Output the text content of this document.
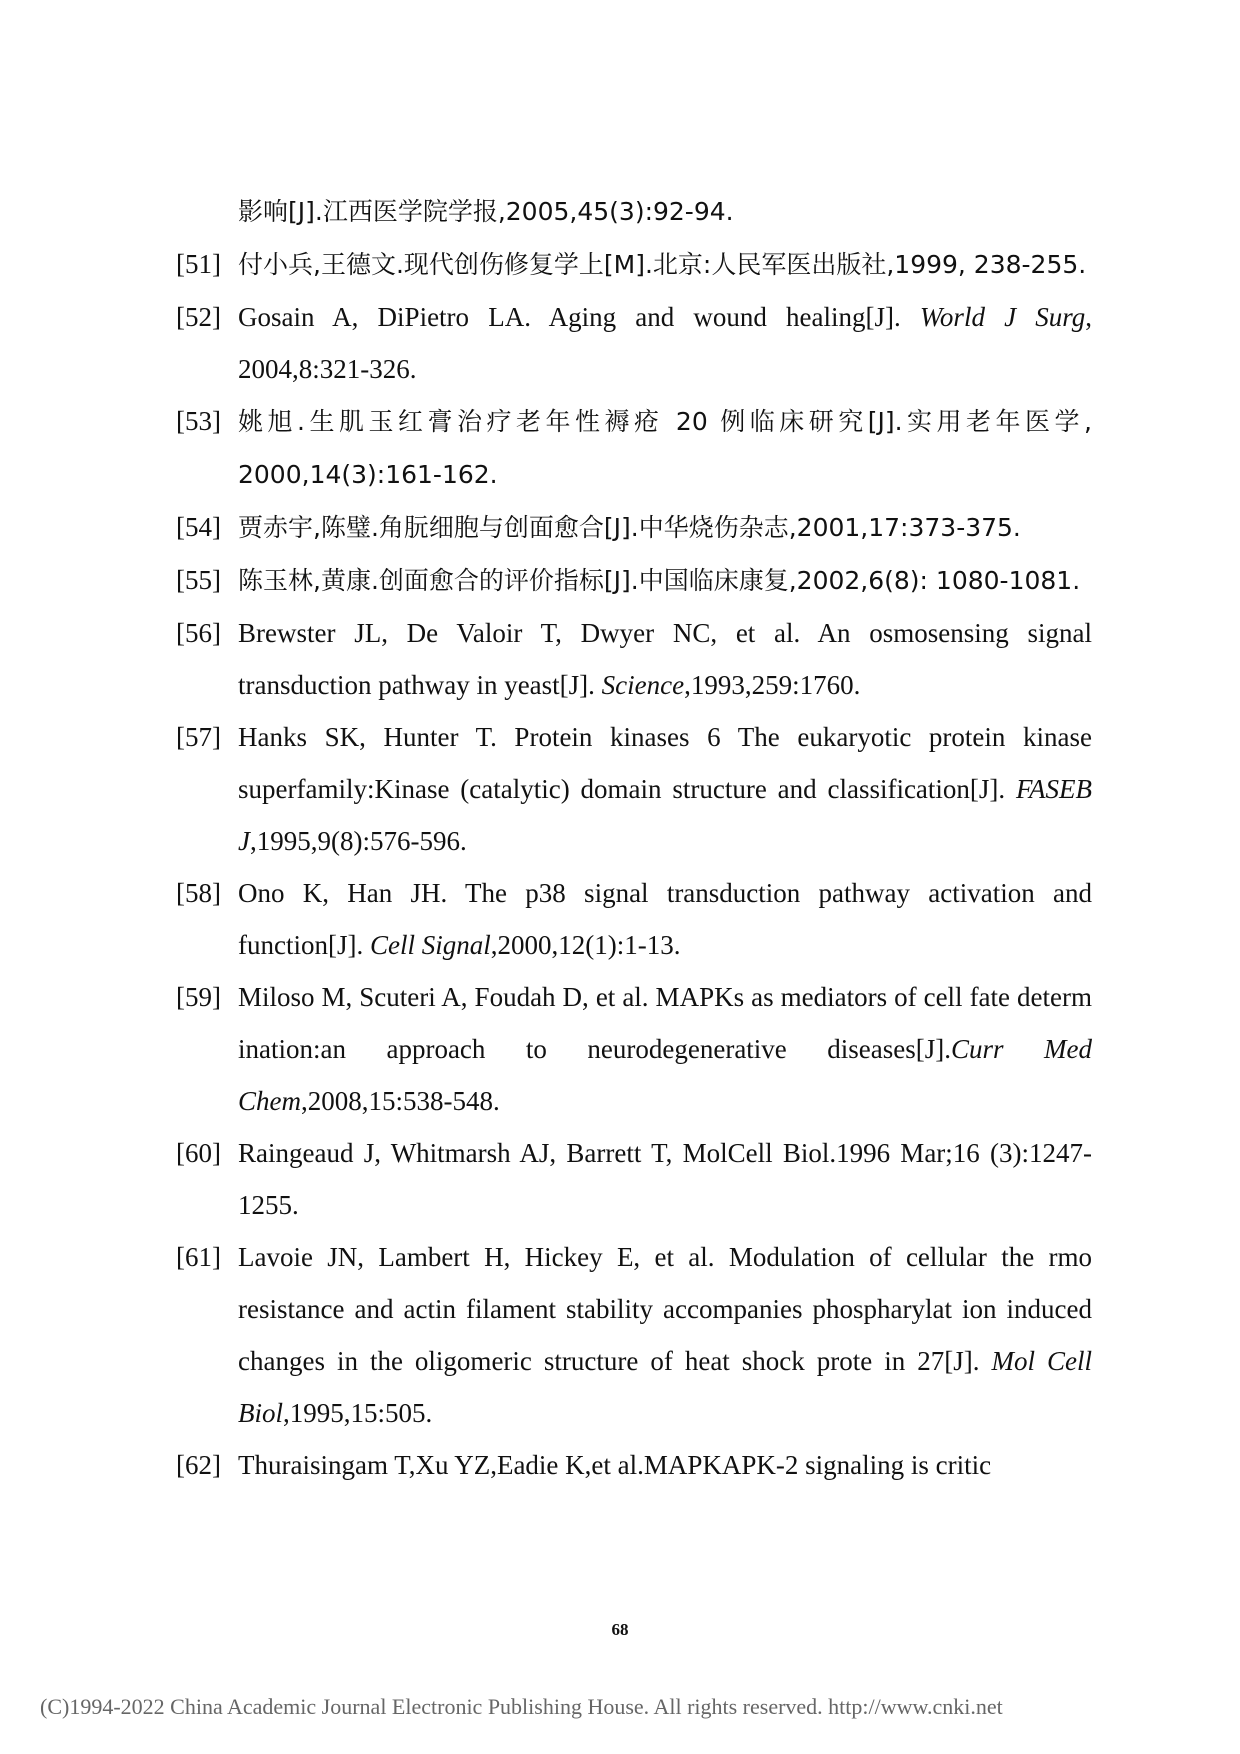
影响[J].江西医学院学报,2005,45(3):92-94.
[51] 付小兵,王德文.现代创伤修复学上[M].北京:人民军医出版社,1999, 238-255.
[52] Gosain A, DiPietro LA. Aging and wound healing[J]. World J Surg, 2004,8:321-326.
[53] 姚旭.生肌玉红膏治疗老年性褥疮 20 例临床研究[J].实用老年医学, 2000,14(3):161-162.
[54] 贾赤宇,陈璧.角朊细胞与创面愈合[J].中华烧伤杂志,2001,17:373-375.
[55] 陈玉林,黄康.创面愈合的评价指标[J].中国临床康复,2002,6(8): 1080-1081.
[56] Brewster JL, De Valoir T, Dwyer NC, et al. An osmosensing signal transduction pathway in yeast[J]. Science,1993,259:1760.
[57] Hanks SK, Hunter T. Protein kinases 6 The eukaryotic protein kinase superfamily:Kinase (catalytic) domain structure and classification[J]. FASEB J,1995,9(8):576-596.
[58] Ono K, Han JH. The p38 signal transduction pathway activation and function[J]. Cell Signal,2000,12(1):1-13.
[59] Miloso M, Scuteri A, Foudah D, et al. MAPKs as mediators of cell fate determ ination:an approach to neurodegenerative diseases[J].Curr Med Chem,2008,15:538-548.
[60] Raingeaud J, Whitmarsh AJ, Barrett T, MolCell Biol.1996 Mar;16 (3):1247-1255.
[61] Lavoie JN, Lambert H, Hickey E, et al. Modulation of cellular the rmo resistance and actin filament stability accompanies phospharylat ion induced changes in the oligomeric structure of heat shock prote in 27[J]. Mol Cell Biol,1995,15:505.
[62] Thuraisingam T,Xu YZ,Eadie K,et al.MAPKAPK-2 signaling is critic
68
(C)1994-2022 China Academic Journal Electronic Publishing House. All rights reserved. http://www.cnki.net
